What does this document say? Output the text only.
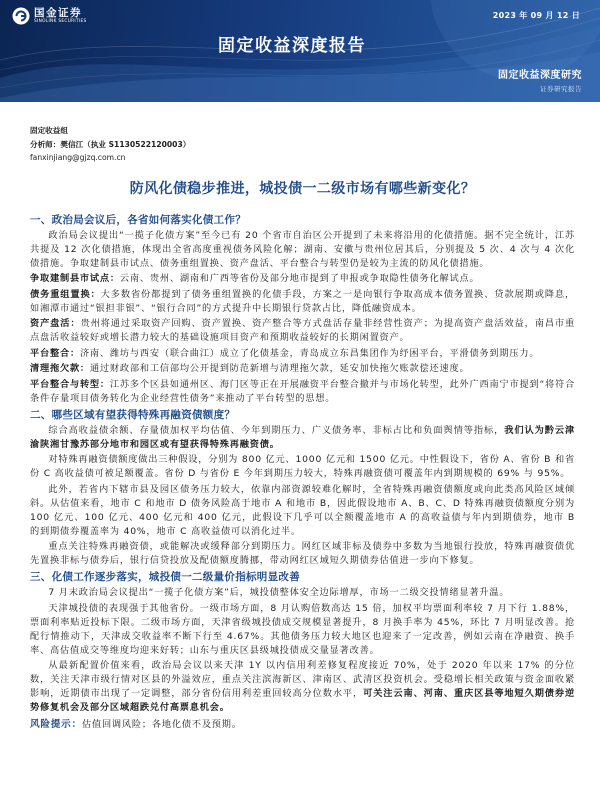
国金证券
SINOLINK SECURITIES
2023 年 09 月 12 日
固定收益深度报告
固定收益深度研究
证券研究报告
固定收益组
分析师：樊信江（执业 S1130522120003）
fanxinjiang@gjzq.com.cn
防风化债稳步推进，城投债一二级市场有哪些新变化？
一、政治局会议后，各省如何落实化债工作？

政治局会议提出“一揽子化债方案”至今已有 20 个省市自治区公开提到了未来将沿用的化债措施。据不完全统计，江苏共提及 12 次化债措施，体现出全省高度重视债务风险化解；湖南、安徽与贵州位居其后，分别提及 5 次、4 次与 4 次化债措施。争取建制县市试点、债务重组置换、资产盘活、平台整合与转型仍是较为主流的防风化债措施。

争取建制县市试点：云南、贵州、湖南和广西等省份及部分地市提到了申报或争取隐性债务化解试点。

债务重组置换：大多数省份都提到了债务重组置换的化债手段，方案之一是向银行争取高成本债务置换、贷款展期或降息，如湘潭市通过“银担非银”、“银行合同”的方式提升中长期银行贷款占比，降低融资成本。

资产盘活：贵州将通过采取资产回购、资产置换、资产整合等方式盘活存量非经营性资产；为提高资产盘活效益，南昌市重点盘活收益较好或增长潜力较大的基础设施项目资产和预期收益较好的长期闲置资产。

平台整合：济南、潍坊与西安（联合曲江）成立了化债基金，青岛成立东昌集团作为纾困平台，平滑债务到期压力。

清理拖欠款：通过财政部和工信部均公开提到防范新增与清理拖欠款，延安加快拖欠账款偿还速度。

平台整合与转型：江苏多个区县如通州区、海门区等正在开展融资平台整合撤并与市场化转型，此外广西南宁市提到“将符合条件存量项目债务转化为企业经营性债务”来推动了平台转型的思想。

二、哪些区域有望获得特殊再融资债额度？

综合高收益债余额、存量债加权平均估值、今年到期压力、广义债务率、非标占比和负面舆情等指标，我们认为黔云津渝陕湘甘豫苏部分地市和园区或有望获得特殊再融资债。

对特殊再融资债额度做出三种假设，分别为 800 亿元、1000 亿元和 1500 亿元。中性假设下，省份 A、省份 B 和省份 C 高收益债可被足额覆盖。省份 D 与省份 E 今年到期压力较大，特殊再融资债可覆盖年内到期规模的 69% 与 95%。

此外，若省内下辖市县及园区债务压力较大，依靠内部资源较难化解时，全省特殊再融资债额度或向此类高风险区域倾斜。从估值来看，地市 C 和地市 D 债务风险高于地市 A 和地市 B，因此假设地市 A、B、C、D 特殊再融资债额度分别为 100 亿元、100 亿元、400 亿元和 400 亿元，此假设下几乎可以全额覆盖地市 A 的高收益债与年内到期债券，地市 B 的到期债券覆盖率为 40%，地市 C 高收益债可以消化过半。

重点关注特殊再融资债，或能解决或缓释部分到期压力。网红区域非标及债券中多数为当地银行投放，特殊再融资债优先置换非标与债券后，银行信贷投放及配债额度腾挪，带动网红区域短久期债券估值进一步向下修复。

三、化债工作逐步落实，城投债一二级量价指标明显改善

7 月末政治局会议提出“一揽子化债方案”后，城投债整体安全边际增厚，市场一二级交投情绪显著升温。

天津城投债的表现强于其他省份。一级市场方面，8 月认购倍数高达 15 倍，加权平均票面利率较 7 月下行 1.88%，票面利率贴近投标下限。二级市场方面，天津省级城投债成交规模显著提升，8 月换手率为 45%，环比 7 月明显改善。抢配行情推动下，天津成交收益率不断下行至 4.67%。其他债务压力较大地区也迎来了一定改善，例如云南在净融资、换手率、高估值成交等维度均迎来好转；山东与重庆区县级城投债成交量显著改善。

从最新配置价值来看，政治局会议以来天津 1Y 以内信用利差修复程度接近 70%，处于 2020 年以来 17% 的分位数，关注天津市级行情对区县的外溢效应，重点关注滨海新区、津南区、武清区投资机会。受稳增长相关政策与资金面收紧影响，近期债市出现了一定调整，部分省份信用利差重回较高分位数水平，可关注云南、河南、重庆区县等地短久期债券逆势修复机会及部分区域超跌兑付高票息机会。

风险提示：估值回调风险；各地化债不及预期。
